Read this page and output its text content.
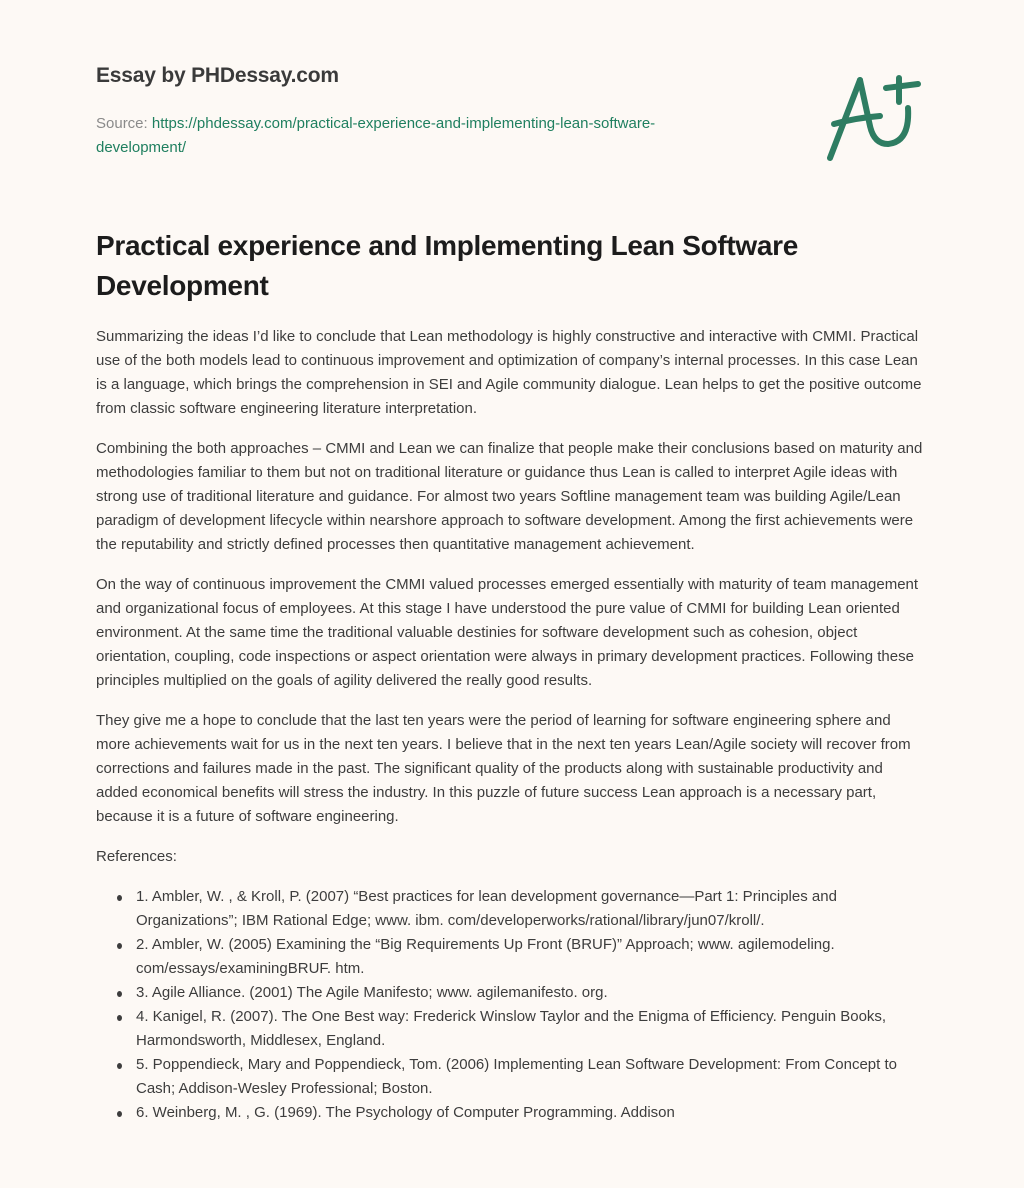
Essay by PHDessay.com
Source: https://phdessay.com/practical-experience-and-implementing-lean-software-development/
Practical experience and Implementing Lean Software Development

Summarizing the ideas I’d like to conclude that Lean methodology is highly constructive and interactive with CMMI. Practical use of the both models lead to continuous improvement and optimization of company’s internal processes. In this case Lean is a language, which brings the comprehension in SEI and Agile community dialogue. Lean helps to get the positive outcome from classic software engineering literature interpretation.

Combining the both approaches – CMMI and Lean we can finalize that people make their conclusions based on maturity and methodologies familiar to them but not on traditional literature or guidance thus Lean is called to interpret Agile ideas with strong use of traditional literature and guidance. For almost two years Softline management team was building Agile/Lean paradigm of development lifecycle within nearshore approach to software development. Among the first achievements were the reputability and strictly defined processes then quantitative management achievement.

On the way of continuous improvement the CMMI valued processes emerged essentially with maturity of team management and organizational focus of employees. At this stage I have understood the pure value of CMMI for building Lean oriented environment. At the same time the traditional valuable destinies for software development such as cohesion, object orientation, coupling, code inspections or aspect orientation were always in primary development practices. Following these principles multiplied on the goals of agility delivered the really good results.

They give me a hope to conclude that the last ten years were the period of learning for software engineering sphere and more achievements wait for us in the next ten years. I believe that in the next ten years Lean/Agile society will recover from corrections and failures made in the past. The significant quality of the products along with sustainable productivity and added economical benefits will stress the industry. In this puzzle of future success Lean approach is a necessary part, because it is a future of software engineering.

References:

1. Ambler, W. , & Kroll, P. (2007) “Best practices for lean development governance—Part 1: Principles and Organizations”; IBM Rational Edge; www. ibm. com/developerworks/rational/library/jun07/kroll/.
2. Ambler, W. (2005) Examining the “Big Requirements Up Front (BRUF)” Approach; www. agilemodeling. com/essays/examiningBRUF. htm.
3. Agile Alliance. (2001) The Agile Manifesto; www. agilemanifesto. org.
4. Kanigel, R. (2007). The One Best way: Frederick Winslow Taylor and the Enigma of Efficiency. Penguin Books, Harmondsworth, Middlesex, England.
5. Poppendieck, Mary and Poppendieck, Tom. (2006) Implementing Lean Software Development: From Concept to Cash; Addison-Wesley Professional; Boston.
6. Weinberg, M. , G. (1969). The Psychology of Computer Programming. Addison
